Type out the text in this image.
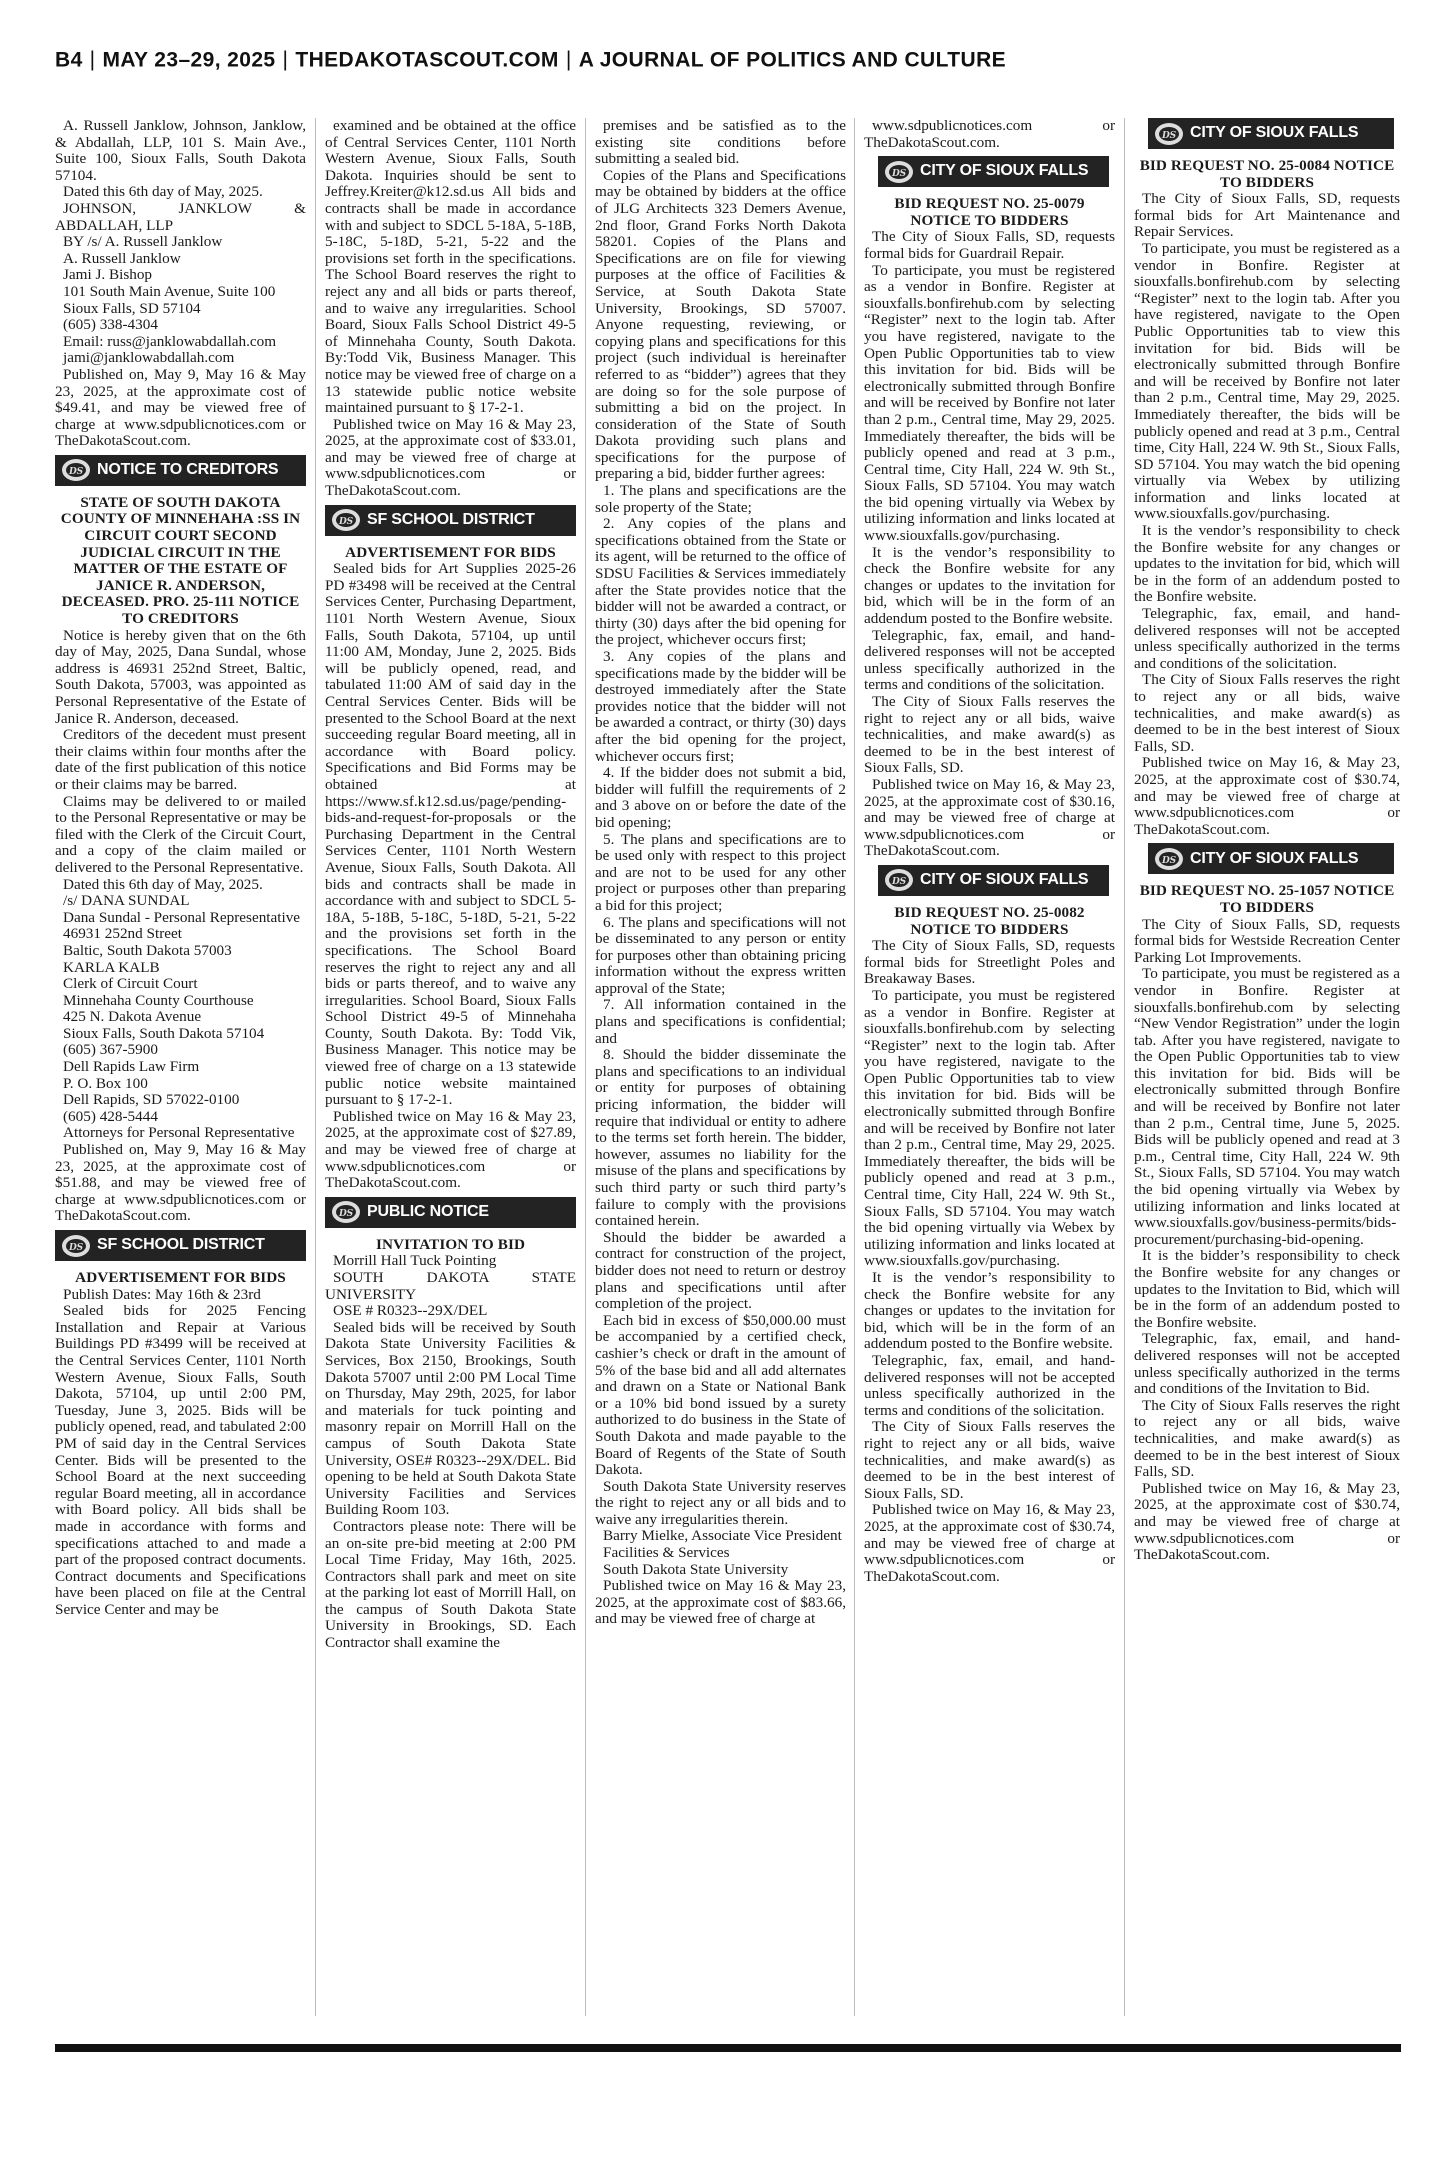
B4 | MAY 23–29, 2025 | THEDAKOTASCOUT.COM | A JOURNAL OF POLITICS AND CULTURE

A. Russell Janklow, Johnson, Janklow, & Abdallah, LLP, 101 S. Main Ave., Suite 100, Sioux Falls, South Dakota 57104.

Dated this 6th day of May, 2025.

JOHNSON, JANKLOW & ABDALLAH, LLP

BY /s/ A. Russell Janklow

A. Russell Janklow

Jami J. Bishop

101 South Main Avenue, Suite 100

Sioux Falls, SD 57104

(605) 338-4304

Email: russ@janklowabdallah.com

jami@janklowabdallah.com

Published on, May 9, May 16 & May 23, 2025, at the approximate cost of $49.41, and may be viewed free of charge at www.sdpublicnotices.com or TheDakotaScout.com.

DS NOTICE TO CREDITORS

STATE OF SOUTH DAKOTA COUNTY OF MINNEHAHA :SS IN CIRCUIT COURT SECOND JUDICIAL CIRCUIT IN THE MATTER OF THE ESTATE OF JANICE R. ANDERSON, DECEASED. PRO. 25-111 NOTICE TO CREDITORS

Notice is hereby given that on the 6th day of May, 2025, Dana Sundal, whose address is 46931 252nd Street, Baltic, South Dakota, 57003, was appointed as Personal Representative of the Estate of Janice R. Anderson, deceased.

Creditors of the decedent must present their claims within four months after the date of the first publication of this notice or their claims may be barred.

Claims may be delivered to or mailed to the Personal Representative or may be filed with the Clerk of the Circuit Court, and a copy of the claim mailed or delivered to the Personal Representative.

Dated this 6th day of May, 2025.

/s/ DANA SUNDAL

Dana Sundal - Personal Representative

46931 252nd Street

Baltic, South Dakota 57003

KARLA KALB

Clerk of Circuit Court

Minnehaha County Courthouse

425 N. Dakota Avenue

Sioux Falls, South Dakota 57104

(605) 367-5900

Dell Rapids Law Firm

P. O. Box 100

Dell Rapids, SD 57022-0100

(605) 428-5444

Attorneys for Personal Representative

Published on, May 9, May 16 & May 23, 2025, at the approximate cost of $51.88, and may be viewed free of charge at www.sdpublicnotices.com or TheDakotaScout.com.

DS SF SCHOOL DISTRICT

ADVERTISEMENT FOR BIDS

Publish Dates: May 16th & 23rd

Sealed bids for 2025 Fencing Installation and Repair at Various Buildings PD #3499 will be received at the Central Services Center, 1101 North Western Avenue, Sioux Falls, South Dakota, 57104, up until 2:00 PM, Tuesday, June 3, 2025. Bids will be publicly opened, read, and tabulated 2:00 PM of said day in the Central Services Center. Bids will be presented to the School Board at the next succeeding regular Board meeting, all in accordance with Board policy. All bids shall be made in accordance with forms and specifications attached to and made a part of the proposed contract documents. Contract documents and Specifications have been placed on file at the Central Service Center and may be

examined and be obtained at the office of Central Services Center, 1101 North Western Avenue, Sioux Falls, South Dakota. Inquiries should be sent to Jeffrey.Kreiter@k12.sd.us All bids and contracts shall be made in accordance with and subject to SDCL 5-18A, 5-18B, 5-18C, 5-18D, 5-21, 5-22 and the provisions set forth in the specifications. The School Board reserves the right to reject any and all bids or parts thereof, and to waive any irregularities. School Board, Sioux Falls School District 49-5 of Minnehaha County, South Dakota. By:Todd Vik, Business Manager. This notice may be viewed free of charge on a 13 statewide public notice website maintained pursuant to § 17-2-1.

Published twice on May 16 & May 23, 2025, at the approximate cost of $33.01, and may be viewed free of charge at www.sdpublicnotices.com or TheDakotaScout.com.

DS SF SCHOOL DISTRICT

ADVERTISEMENT FOR BIDS

Sealed bids for Art Supplies 2025-26 PD #3498 will be received at the Central Services Center, Purchasing Department, 1101 North Western Avenue, Sioux Falls, South Dakota, 57104, up until 11:00 AM, Monday, June 2, 2025. Bids will be publicly opened, read, and tabulated 11:00 AM of said day in the Central Services Center. Bids will be presented to the School Board at the next succeeding regular Board meeting, all in accordance with Board policy. Specifications and Bid Forms may be obtained at https://www.sf.k12.sd.us/page/pending-bids-and-request-for-proposals or the Purchasing Department in the Central Services Center, 1101 North Western Avenue, Sioux Falls, South Dakota. All bids and contracts shall be made in accordance with and subject to SDCL 5-18A, 5-18B, 5-18C, 5-18D, 5-21, 5-22 and the provisions set forth in the specifications. The School Board reserves the right to reject any and all bids or parts thereof, and to waive any irregularities. School Board, Sioux Falls School District 49-5 of Minnehaha County, South Dakota. By: Todd Vik, Business Manager. This notice may be viewed free of charge on a 13 statewide public notice website maintained pursuant to § 17-2-1.

Published twice on May 16 & May 23, 2025, at the approximate cost of $27.89, and may be viewed free of charge at www.sdpublicnotices.com or TheDakotaScout.com.

DS PUBLIC NOTICE

INVITATION TO BID

Morrill Hall Tuck Pointing

SOUTH DAKOTA STATE UNIVERSITY

OSE # R0323--29X/DEL

Sealed bids will be received by South Dakota State University Facilities & Services, Box 2150, Brookings, South Dakota 57007 until 2:00 PM Local Time on Thursday, May 29th, 2025, for labor and materials for tuck pointing and masonry repair on Morrill Hall on the campus of South Dakota State University, OSE# R0323--29X/DEL. Bid opening to be held at South Dakota State University Facilities and Services Building Room 103.

Contractors please note: There will be an on-site pre-bid meeting at 2:00 PM Local Time Friday, May 16th, 2025. Contractors shall park and meet on site at the parking lot east of Morrill Hall, on the campus of South Dakota State University in Brookings, SD. Each Contractor shall examine the

premises and be satisfied as to the existing site conditions before submitting a sealed bid.

Copies of the Plans and Specifications may be obtained by bidders at the office of JLG Architects 323 Demers Avenue, 2nd floor, Grand Forks North Dakota 58201. Copies of the Plans and Specifications are on file for viewing purposes at the office of Facilities & Service, at South Dakota State University, Brookings, SD 57007. Anyone requesting, reviewing, or copying plans and specifications for this project (such individual is hereinafter referred to as “bidder”) agrees that they are doing so for the sole purpose of submitting a bid on the project. In consideration of the State of South Dakota providing such plans and specifications for the purpose of preparing a bid, bidder further agrees:

1. The plans and specifications are the sole property of the State;

2. Any copies of the plans and specifications obtained from the State or its agent, will be returned to the office of SDSU Facilities & Services immediately after the State provides notice that the bidder will not be awarded a contract, or thirty (30) days after the bid opening for the project, whichever occurs first;

3. Any copies of the plans and specifications made by the bidder will be destroyed immediately after the State provides notice that the bidder will not be awarded a contract, or thirty (30) days after the bid opening for the project, whichever occurs first;

4. If the bidder does not submit a bid, bidder will fulfill the requirements of 2 and 3 above on or before the date of the bid opening;

5. The plans and specifications are to be used only with respect to this project and are not to be used for any other project or purposes other than preparing a bid for this project;

6. The plans and specifications will not be disseminated to any person or entity for purposes other than obtaining pricing information without the express written approval of the State;

7. All information contained in the plans and specifications is confidential; and

8. Should the bidder disseminate the plans and specifications to an individual or entity for purposes of obtaining pricing information, the bidder will require that individual or entity to adhere to the terms set forth herein. The bidder, however, assumes no liability for the misuse of the plans and specifications by such third party or such third party’s failure to comply with the provisions contained herein.

Should the bidder be awarded a contract for construction of the project, bidder does not need to return or destroy plans and specifications until after completion of the project.

Each bid in excess of $50,000.00 must be accompanied by a certified check, cashier’s check or draft in the amount of 5% of the base bid and all add alternates and drawn on a State or National Bank or a 10% bid bond issued by a surety authorized to do business in the State of South Dakota and made payable to the Board of Regents of the State of South Dakota.

South Dakota State University reserves the right to reject any or all bids and to waive any irregularities therein.

Barry Mielke, Associate Vice President

Facilities & Services

South Dakota State University

Published twice on May 16 & May 23, 2025, at the approximate cost of $83.66, and may be viewed free of charge at

www.sdpublicnotices.com or TheDakotaScout.com.

DS CITY OF SIOUX FALLS

BID REQUEST NO. 25-0079 NOTICE TO BIDDERS

The City of Sioux Falls, SD, requests formal bids for Guardrail Repair.

To participate, you must be registered as a vendor in Bonfire. Register at siouxfalls.bonfirehub.com by selecting “Register” next to the login tab. After you have registered, navigate to the Open Public Opportunities tab to view this invitation for bid. Bids will be electronically submitted through Bonfire and will be received by Bonfire not later than 2 p.m., Central time, May 29, 2025. Immediately thereafter, the bids will be publicly opened and read at 3 p.m., Central time, City Hall, 224 W. 9th St., Sioux Falls, SD 57104. You may watch the bid opening virtually via Webex by utilizing information and links located at www.siouxfalls.gov/purchasing.

It is the vendor’s responsibility to check the Bonfire website for any changes or updates to the invitation for bid, which will be in the form of an addendum posted to the Bonfire website.

Telegraphic, fax, email, and hand-delivered responses will not be accepted unless specifically authorized in the terms and conditions of the solicitation.

The City of Sioux Falls reserves the right to reject any or all bids, waive technicalities, and make award(s) as deemed to be in the best interest of Sioux Falls, SD.

Published twice on May 16, & May 23, 2025, at the approximate cost of $30.16, and may be viewed free of charge at www.sdpublicnotices.com or TheDakotaScout.com.

DS CITY OF SIOUX FALLS

BID REQUEST NO. 25-0082 NOTICE TO BIDDERS

The City of Sioux Falls, SD, requests formal bids for Streetlight Poles and Breakaway Bases.

To participate, you must be registered as a vendor in Bonfire. Register at siouxfalls.bonfirehub.com by selecting “Register” next to the login tab. After you have registered, navigate to the Open Public Opportunities tab to view this invitation for bid. Bids will be electronically submitted through Bonfire and will be received by Bonfire not later than 2 p.m., Central time, May 29, 2025. Immediately thereafter, the bids will be publicly opened and read at 3 p.m., Central time, City Hall, 224 W. 9th St., Sioux Falls, SD 57104. You may watch the bid opening virtually via Webex by utilizing information and links located at www.siouxfalls.gov/purchasing.

It is the vendor’s responsibility to check the Bonfire website for any changes or updates to the invitation for bid, which will be in the form of an addendum posted to the Bonfire website.

Telegraphic, fax, email, and hand-delivered responses will not be accepted unless specifically authorized in the terms and conditions of the solicitation.

The City of Sioux Falls reserves the right to reject any or all bids, waive technicalities, and make award(s) as deemed to be in the best interest of Sioux Falls, SD.

Published twice on May 16, & May 23, 2025, at the approximate cost of $30.74, and may be viewed free of charge at www.sdpublicnotices.com or TheDakotaScout.com.

DS CITY OF SIOUX FALLS

BID REQUEST NO. 25-0084 NOTICE TO BIDDERS

The City of Sioux Falls, SD, requests formal bids for Art Maintenance and Repair Services.

To participate, you must be registered as a vendor in Bonfire. Register at siouxfalls.bonfirehub.com by selecting “Register” next to the login tab. After you have registered, navigate to the Open Public Opportunities tab to view this invitation for bid. Bids will be electronically submitted through Bonfire and will be received by Bonfire not later than 2 p.m., Central time, May 29, 2025. Immediately thereafter, the bids will be publicly opened and read at 3 p.m., Central time, City Hall, 224 W. 9th St., Sioux Falls, SD 57104. You may watch the bid opening virtually via Webex by utilizing information and links located at www.siouxfalls.gov/purchasing.

It is the vendor’s responsibility to check the Bonfire website for any changes or updates to the invitation for bid, which will be in the form of an addendum posted to the Bonfire website.

Telegraphic, fax, email, and hand-delivered responses will not be accepted unless specifically authorized in the terms and conditions of the solicitation.

The City of Sioux Falls reserves the right to reject any or all bids, waive technicalities, and make award(s) as deemed to be in the best interest of Sioux Falls, SD.

Published twice on May 16, & May 23, 2025, at the approximate cost of $30.74, and may be viewed free of charge at www.sdpublicnotices.com or TheDakotaScout.com.

DS CITY OF SIOUX FALLS

BID REQUEST NO. 25-1057 NOTICE TO BIDDERS

The City of Sioux Falls, SD, requests formal bids for Westside Recreation Center Parking Lot Improvements.

To participate, you must be registered as a vendor in Bonfire. Register at siouxfalls.bonfirehub.com by selecting “New Vendor Registration” under the login tab. After you have registered, navigate to the Open Public Opportunities tab to view this invitation for bid. Bids will be electronically submitted through Bonfire and will be received by Bonfire not later than 2 p.m., Central time, June 5, 2025. Bids will be publicly opened and read at 3 p.m., Central time, City Hall, 224 W. 9th St., Sioux Falls, SD 57104. You may watch the bid opening virtually via Webex by utilizing information and links located at www.siouxfalls.gov/business-permits/bids-procurement/purchasing-bid-opening.

It is the bidder’s responsibility to check the Bonfire website for any changes or updates to the Invitation to Bid, which will be in the form of an addendum posted to the Bonfire website.

Telegraphic, fax, email, and hand-delivered responses will not be accepted unless specifically authorized in the terms and conditions of the Invitation to Bid.

The City of Sioux Falls reserves the right to reject any or all bids, waive technicalities, and make award(s) as deemed to be in the best interest of Sioux Falls, SD.

Published twice on May 16, & May 23, 2025, at the approximate cost of $30.74, and may be viewed free of charge at www.sdpublicnotices.com or TheDakotaScout.com.
